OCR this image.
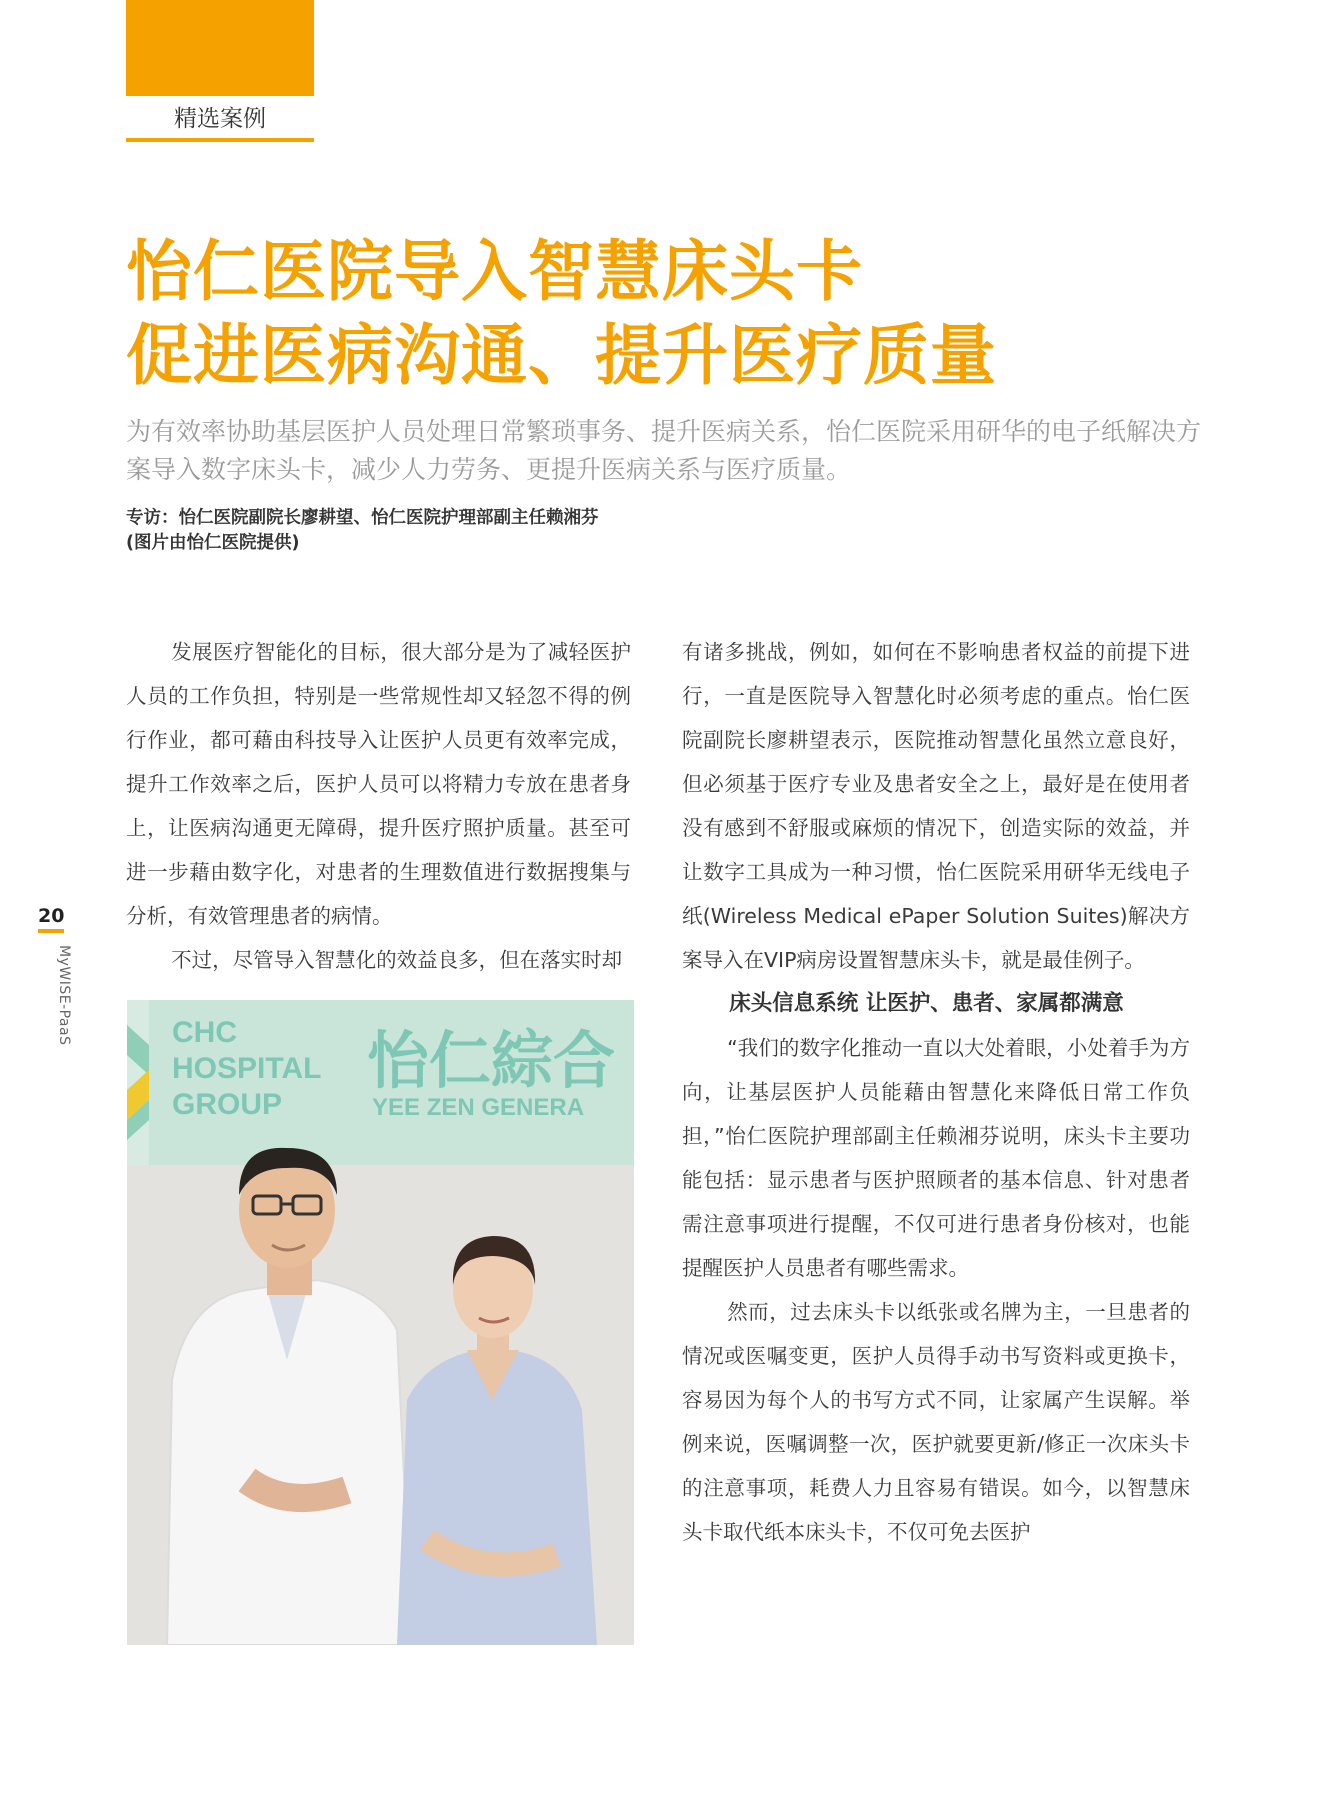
精选案例
怡仁医院导入智慧床头卡
促进医病沟通、提升医疗质量
为有效率协助基层医护人员处理日常繁琐事务、提升医病关系，怡仁医院采用研华的电子纸解决方案导入数字床头卡，减少人力劳务、更提升医病关系与医疗质量。
专访：怡仁医院副院长廖耕望、怡仁医院护理部副主任赖湘芬
(图片由怡仁医院提供)

发展医疗智能化的目标，很大部分是为了减轻医护人员的工作负担，特别是一些常规性却又轻忽不得的例行作业，都可藉由科技导入让医护人员更有效率完成，提升工作效率之后，医护人员可以将精力专放在患者身上，让医病沟通更无障碍，提升医疗照护质量。甚至可进一步藉由数字化，对患者的生理数值进行数据搜集与分析，有效管理患者的病情。

不过，尽管导入智慧化的效益良多，但在落实时却

有诸多挑战，例如，如何在不影响患者权益的前提下进行，一直是医院导入智慧化时必须考虑的重点。怡仁医院副院长廖耕望表示，医院推动智慧化虽然立意良好，但必须基于医疗专业及患者安全之上，最好是在使用者没有感到不舒服或麻烦的情况下，创造实际的效益，并让数字工具成为一种习惯，怡仁医院采用研华无线电子纸(Wireless Medical ePaper Solution Suites)解决方案导入在VIP病房设置智慧床头卡，就是最佳例子。

床头信息系统 让医护、患者、家属都满意

“我们的数字化推动一直以大处着眼，小处着手为方向，让基层医护人员能藉由智慧化来降低日常工作负担，”怡仁医院护理部副主任赖湘芬说明，床头卡主要功能包括：显示患者与医护照顾者的基本信息、针对患者需注意事项进行提醒，不仅可进行患者身份核对，也能提醒医护人员患者有哪些需求。

然而，过去床头卡以纸张或名牌为主，一旦患者的情况或医嘱变更，医护人员得手动书写资料或更换卡，容易因为每个人的书写方式不同，让家属产生误解。举例来说，医嘱调整一次，医护就要更新/修正一次床头卡的注意事项，耗费人力且容易有错误。如今，以智慧床头卡取代纸本床头卡，不仅可免去医护

20
MyWISE-PaaS	CHC
HOSPITAL
GROUP
怡仁綜合
YEE ZEN GENERA
